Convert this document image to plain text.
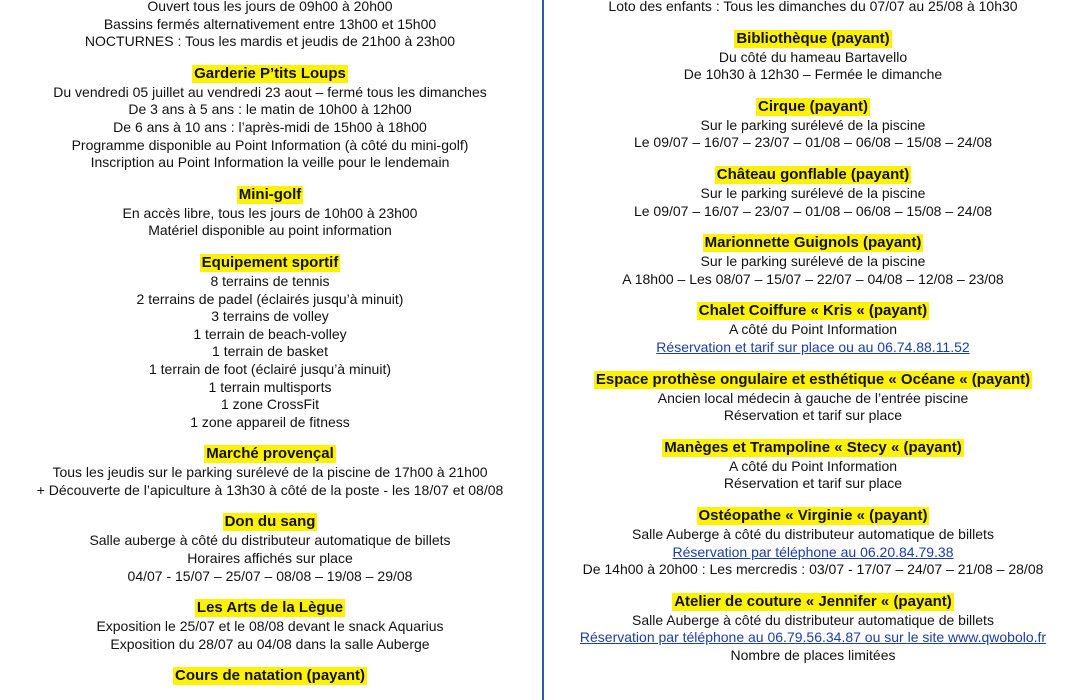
Ouvert tous les jours de 09h00 à 20h00
Bassins fermés alternativement entre 13h00 et 15h00
NOCTURNES : Tous les mardis et jeudis de 21h00 à 23h00
Garderie P’tits Loups
Du vendredi 05 juillet au vendredi 23 aout – fermé tous les dimanches
De 3 ans à 5 ans : le matin de 10h00 à 12h00
De 6 ans à 10 ans : l’après-midi de 15h00 à 18h00
Programme disponible au Point Information (à côté du mini-golf)
Inscription au Point Information la veille pour le lendemain
Mini-golf
En accès libre, tous les jours de 10h00 à 23h00
Matériel disponible au point information
Equipement sportif
8 terrains de tennis
2 terrains de padel (éclairés jusqu’à minuit)
3 terrains de volley
1 terrain de beach-volley
1 terrain de basket
1 terrain de foot (éclairé jusqu’à minuit)
1 terrain multisports
1 zone CrossFit
1 zone appareil de fitness
Marché provençal
Tous les jeudis sur le parking surélevé de la piscine de 17h00 à 21h00
+ Découverte de l’apiculture à 13h30 à côté de la poste - les 18/07 et 08/08
Don du sang
Salle auberge à côté du distributeur automatique de billets
Horaires affichés sur place
04/07 - 15/07 – 25/07 – 08/08 – 19/08 – 29/08
Les Arts de la Lègue
Exposition le 25/07 et le 08/08 devant le snack Aquarius
Exposition du 28/07 au 04/08 dans la salle Auberge
Cours de natation (payant)
Loto des enfants : Tous les dimanches du 07/07 au 25/08 à 10h30
Bibliothèque (payant)
Du côté du hameau Bartavello
De 10h30 à 12h30 – Fermée le dimanche
Cirque (payant)
Sur le parking surélevé de la piscine
Le 09/07 – 16/07 – 23/07 – 01/08 – 06/08 – 15/08 – 24/08
Château gonflable (payant)
Sur le parking surélevé de la piscine
Le 09/07 – 16/07 – 23/07 – 01/08 – 06/08 – 15/08 – 24/08
Marionnette Guignols (payant)
Sur le parking surélevé de la piscine
A 18h00 – Les 08/07 – 15/07 – 22/07 – 04/08 – 12/08 – 23/08
Chalet Coiffure « Kris « (payant)
A côté du Point Information
Réservation et tarif sur place ou au 06.74.88.11.52
Espace prothèse ongulaire et esthétique « Océane « (payant)
Ancien local médecin à gauche de l’entrée piscine
Réservation et tarif sur place
Manèges et Trampoline « Stecy « (payant)
A côté du Point Information
Réservation et tarif sur place
Ostéopathe « Virginie « (payant)
Salle Auberge à côté du distributeur automatique de billets
Réservation par téléphone au 06.20.84.79.38
De 14h00 à 20h00 : Les mercredis : 03/07 - 17/07 – 24/07 – 21/08 – 28/08
Atelier de couture « Jennifer « (payant)
Salle Auberge à côté du distributeur automatique de billets
Réservation par téléphone au 06.79.56.34.87 ou sur le site www.qwobolo.fr
Nombre de places limitées
